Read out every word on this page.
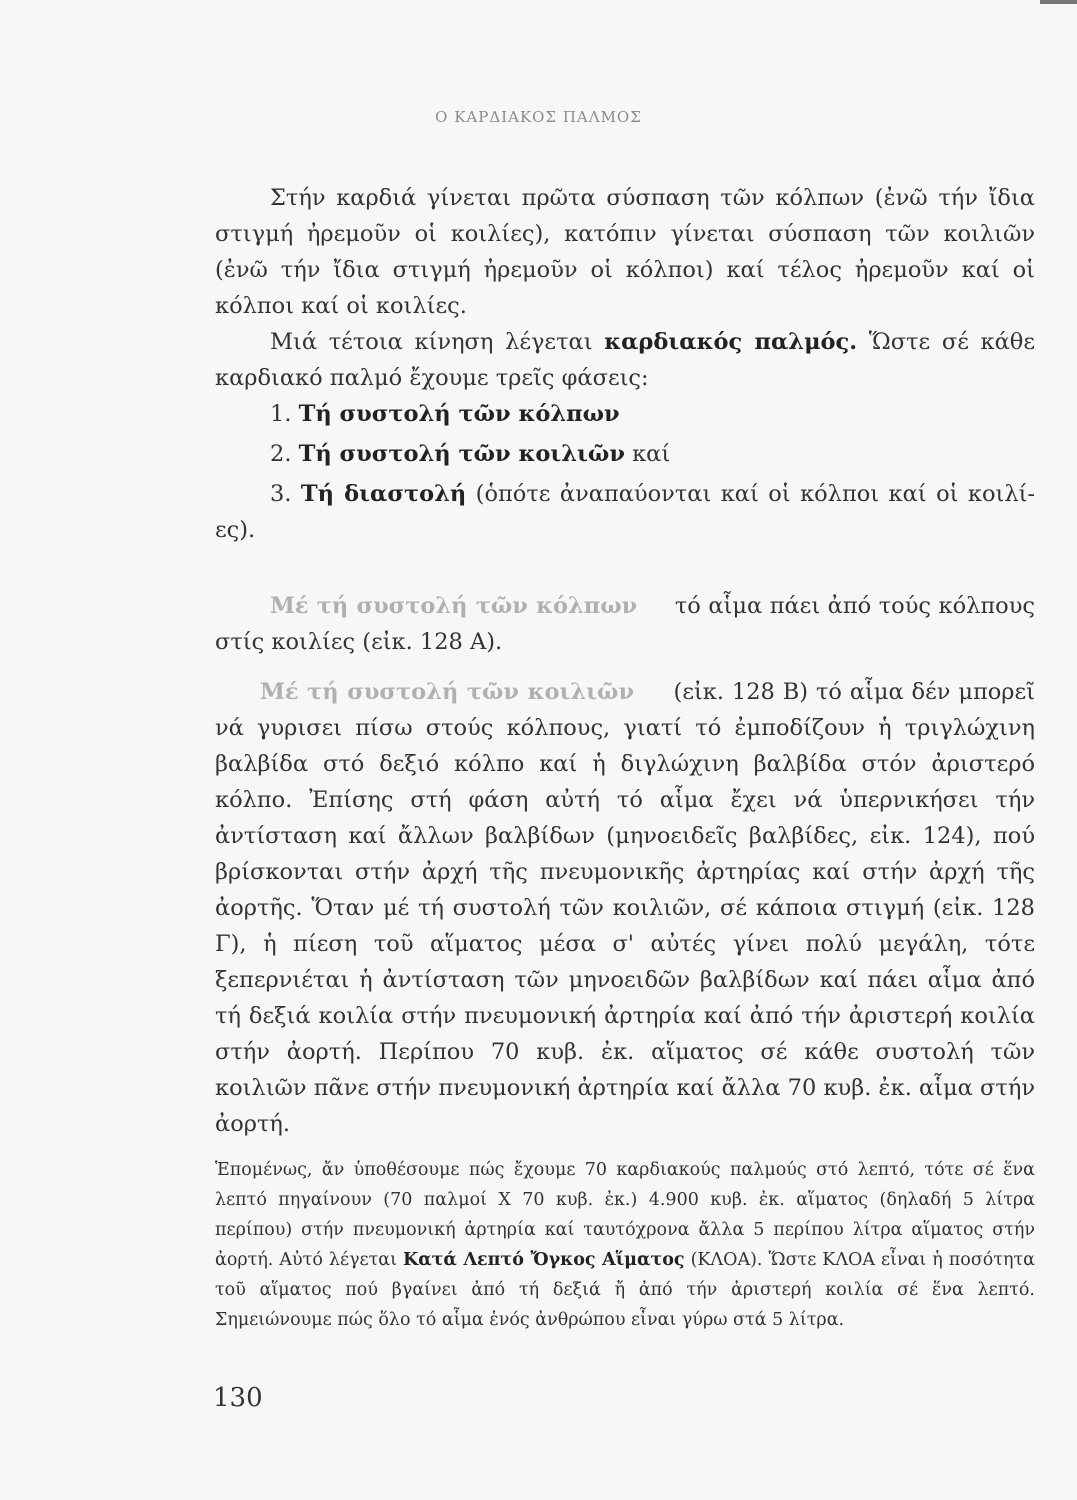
Ο ΚΑΡΔΙΑΚΟΣ ΠΑΛΜΟΣ
Στήν καρδιά γίνεται πρῶτα σύσπαση τῶν κόλπων (ἐνῶ τήν ἴδια στιγμή ἠρεμοῦν οἱ κοιλίες), κατόπιν γίνεται σύσπαση τῶν κοιλιῶν (ἐνῶ τήν ἴδια στιγμή ἠρεμοῦν οἱ κόλποι) καί τέλος ἠρεμοῦν καί οἱ κόλποι καί οἱ κοιλίες.
Μιά τέτοια κίνηση λέγεται καρδιακός παλμός. Ὥστε σέ κάθε καρδιακό παλμό ἔχουμε τρεῖς φάσεις:
1. Τή συστολή τῶν κόλπων
2. Τή συστολή τῶν κοιλιῶν καί
3. Τή διαστολή (ὁπότε ἀναπαύονται καί οἱ κόλποι καί οἱ κοιλί-ες).
Μέ τή συστολή τῶν κόλπων τό αἷμα πάει ἀπό τούς κόλπους στίς κοιλίες (εἰκ. 128 Α).
Μέ τή συστολή τῶν κοιλιῶν (εἰκ. 128 Β) τό αἷμα δέν μπορεῖ νά γυρισει πίσω στούς κόλπους, γιατί τό ἐμποδίζουν ἡ τριγλώχινη βαλβίδα στό δεξιό κόλπο καί ἡ διγλώχινη βαλβίδα στόν ἀριστερό κόλπο. Ἐπίσης στή φάση αὐτή τό αἷμα ἔχει νά ὑπερνικήσει τήν ἀντίσταση καί ἄλλων βαλβίδων (μηνοειδεῖς βαλβίδες, εἰκ. 124), πού βρίσκονται στήν ἀρχή τῆς πνευμονικῆς ἀρτηρίας καί στήν ἀρχή τῆς ἀορτῆς. Ὅταν μέ τή συστολή τῶν κοιλιῶν, σέ κάποια στιγμή (εἰκ. 128 Γ), ἡ πίεση τοῦ αἵματος μέσα σ' αὐτές γίνει πολύ μεγάλη, τότε ξεπερνιέται ἡ ἀντίσταση τῶν μηνοειδῶν βαλβίδων καί πάει αἷμα ἀπό τή δεξιά κοιλία στήν πνευμονική ἀρτηρία καί ἀπό τήν ἀριστερή κοιλία στήν ἀορτή. Περίπου 70 κυβ. ἐκ. αἵματος σέ κάθε συστολή τῶν κοιλιῶν πᾶνε στήν πνευμονική ἀρτηρία καί ἄλλα 70 κυβ. ἐκ. αἷμα στήν ἀορτή.
Ἑπομένως, ἄν ὑποθέσουμε πώς ἔχουμε 70 καρδιακούς παλμούς στό λεπτό, τότε σέ ἕνα λεπτό πηγαίνουν (70 παλμοί Χ 70 κυβ. ἐκ.) 4.900 κυβ. ἐκ. αἵματος (δηλαδή 5 λίτρα περίπου) στήν πνευμονική ἀρτηρία καί ταυτόχρονα ἄλλα 5 περίπου λίτρα αἵματος στήν ἀορτή. Αὐτό λέγεται Κατά Λεπτό Ὄγκος Αἵματος (ΚΛΟΑ). Ὥστε ΚΛΟΑ εἶναι ἡ ποσότητα τοῦ αἵματος πού βγαίνει ἀπό τή δεξιά ἤ ἀπό τήν ἀριστερή κοιλία σέ ἕνα λεπτό. Σημειώνουμε πώς ὅλο τό αἷμα ἑνός ἀνθρώπου εἶναι γύρω στά 5 λίτρα.
130
